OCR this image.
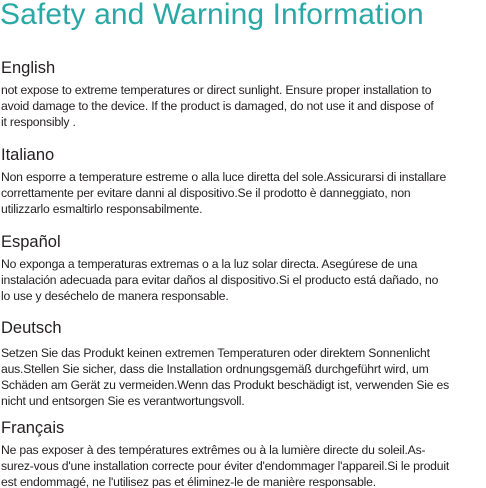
Safety and Warning Information
English

not expose to extreme temperatures or direct sunlight. Ensure proper installation to
avoid damage to the device. If the product is damaged, do not use it and dispose of
it responsibly .

Italiano

Non esporre a temperature estreme o alla luce diretta del sole.Assicurarsi di installare
correttamente per evitare danni al dispositivo.Se il prodotto è danneggiato, non
utilizzarlo esmaltirlo responsabilmente.

Español

No exponga a temperaturas extremas o a la luz solar directa. Asegúrese de una
instalación adecuada para evitar daños al dispositivo.Si el producto está dañado, no
lo use y deséchelo de manera responsable.

Deutsch

Setzen Sie das Produkt keinen extremen Temperaturen oder direktem Sonnenlicht
aus.Stellen Sie sicher, dass die Installation ordnungsgemäß durchgeführt wird, um
Schäden am Gerät zu vermeiden.Wenn das Produkt beschädigt ist, verwenden Sie es
nicht und entsorgen Sie es verantwortungsvoll.

Français

Ne pas exposer à des températures extrêmes ou à la lumière directe du soleil.As-
surez-vous d'une installation correcte pour éviter d'endommager l'appareil.Si le produit
est endommagé, ne l'utilisez pas et éliminez-le de manière responsable.
